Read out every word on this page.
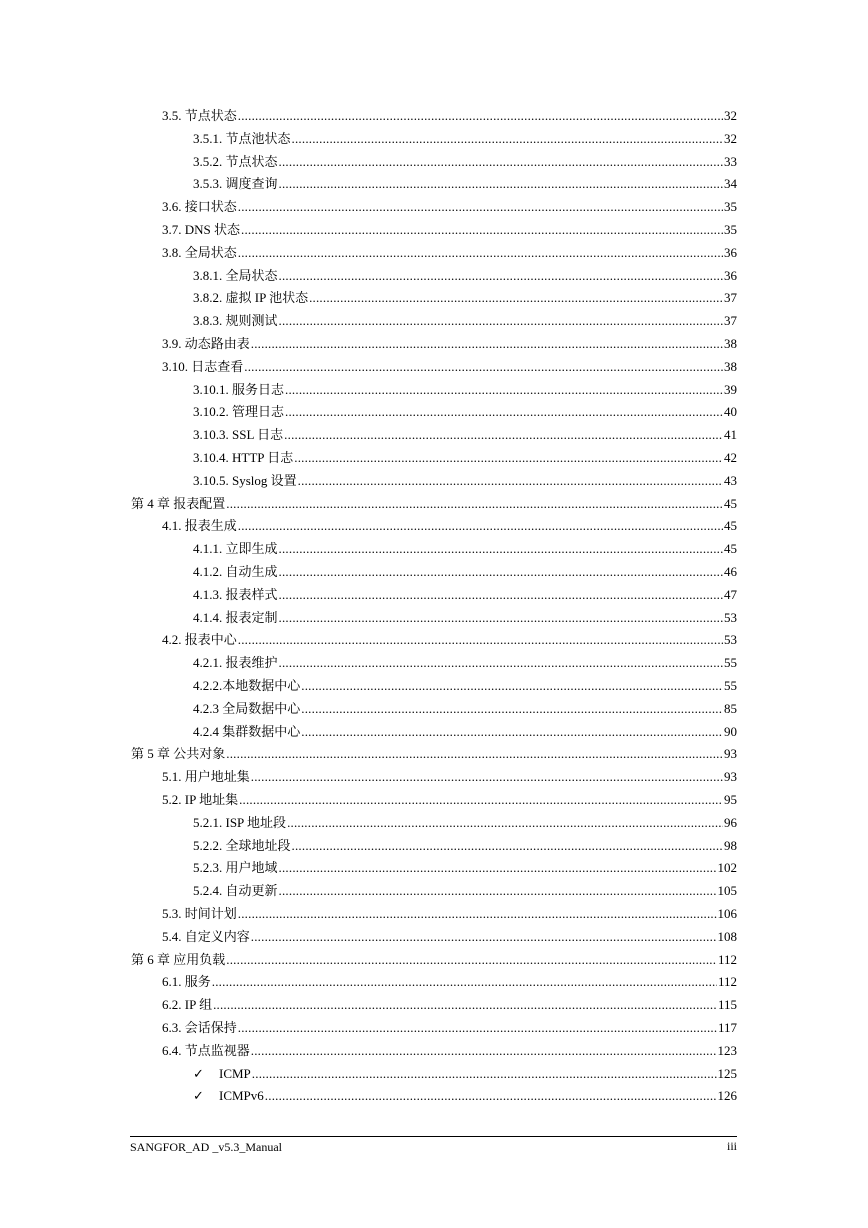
3.5. 节点状态 .....	32
3.5.1. 节点池状态 .....	32
3.5.2. 节点状态 .....	33
3.5.3. 调度查询 .....	34
3.6. 接口状态 .....	35
3.7. DNS 状态 .....	35
3.8. 全局状态 .....	36
3.8.1. 全局状态 .....	36
3.8.2. 虚拟 IP 池状态 .....	37
3.8.3. 规则测试 .....	37
3.9. 动态路由表 .....	38
3.10. 日志查看 .....	38
3.10.1. 服务日志 .....	39
3.10.2. 管理日志 .....	40
3.10.3. SSL 日志 .....	41
3.10.4. HTTP 日志 .....	42
3.10.5. Syslog 设置 .....	43
第 4 章 报表配置 .....	45
4.1. 报表生成 .....	45
4.1.1. 立即生成 .....	45
4.1.2. 自动生成 .....	46
4.1.3. 报表样式 .....	47
4.1.4. 报表定制 .....	53
4.2. 报表中心 .....	53
4.2.1. 报表维护 .....	55
4.2.2.本地数据中心 .....	55
4.2.3 全局数据中心 .....	85
4.2.4 集群数据中心 .....	90
第 5 章 公共对象 .....	93
5.1. 用户地址集 .....	93
5.2. IP 地址集 .....	95
5.2.1. ISP 地址段 .....	96
5.2.2. 全球地址段 .....	98
5.2.3. 用户地域 .....	102
5.2.4. 自动更新 .....	105
5.3. 时间计划 .....	106
5.4. 自定义内容 .....	108
第 6 章 应用负载 .....	112
6.1. 服务 .....	112
6.2. IP 组 .....	115
6.3. 会话保持 .....	117
6.4. 节点监视器 .....	123
✓	ICMP .....	125
✓	ICMPv6 .....	126
SANGFOR_AD _v5.3_Manual	iii
